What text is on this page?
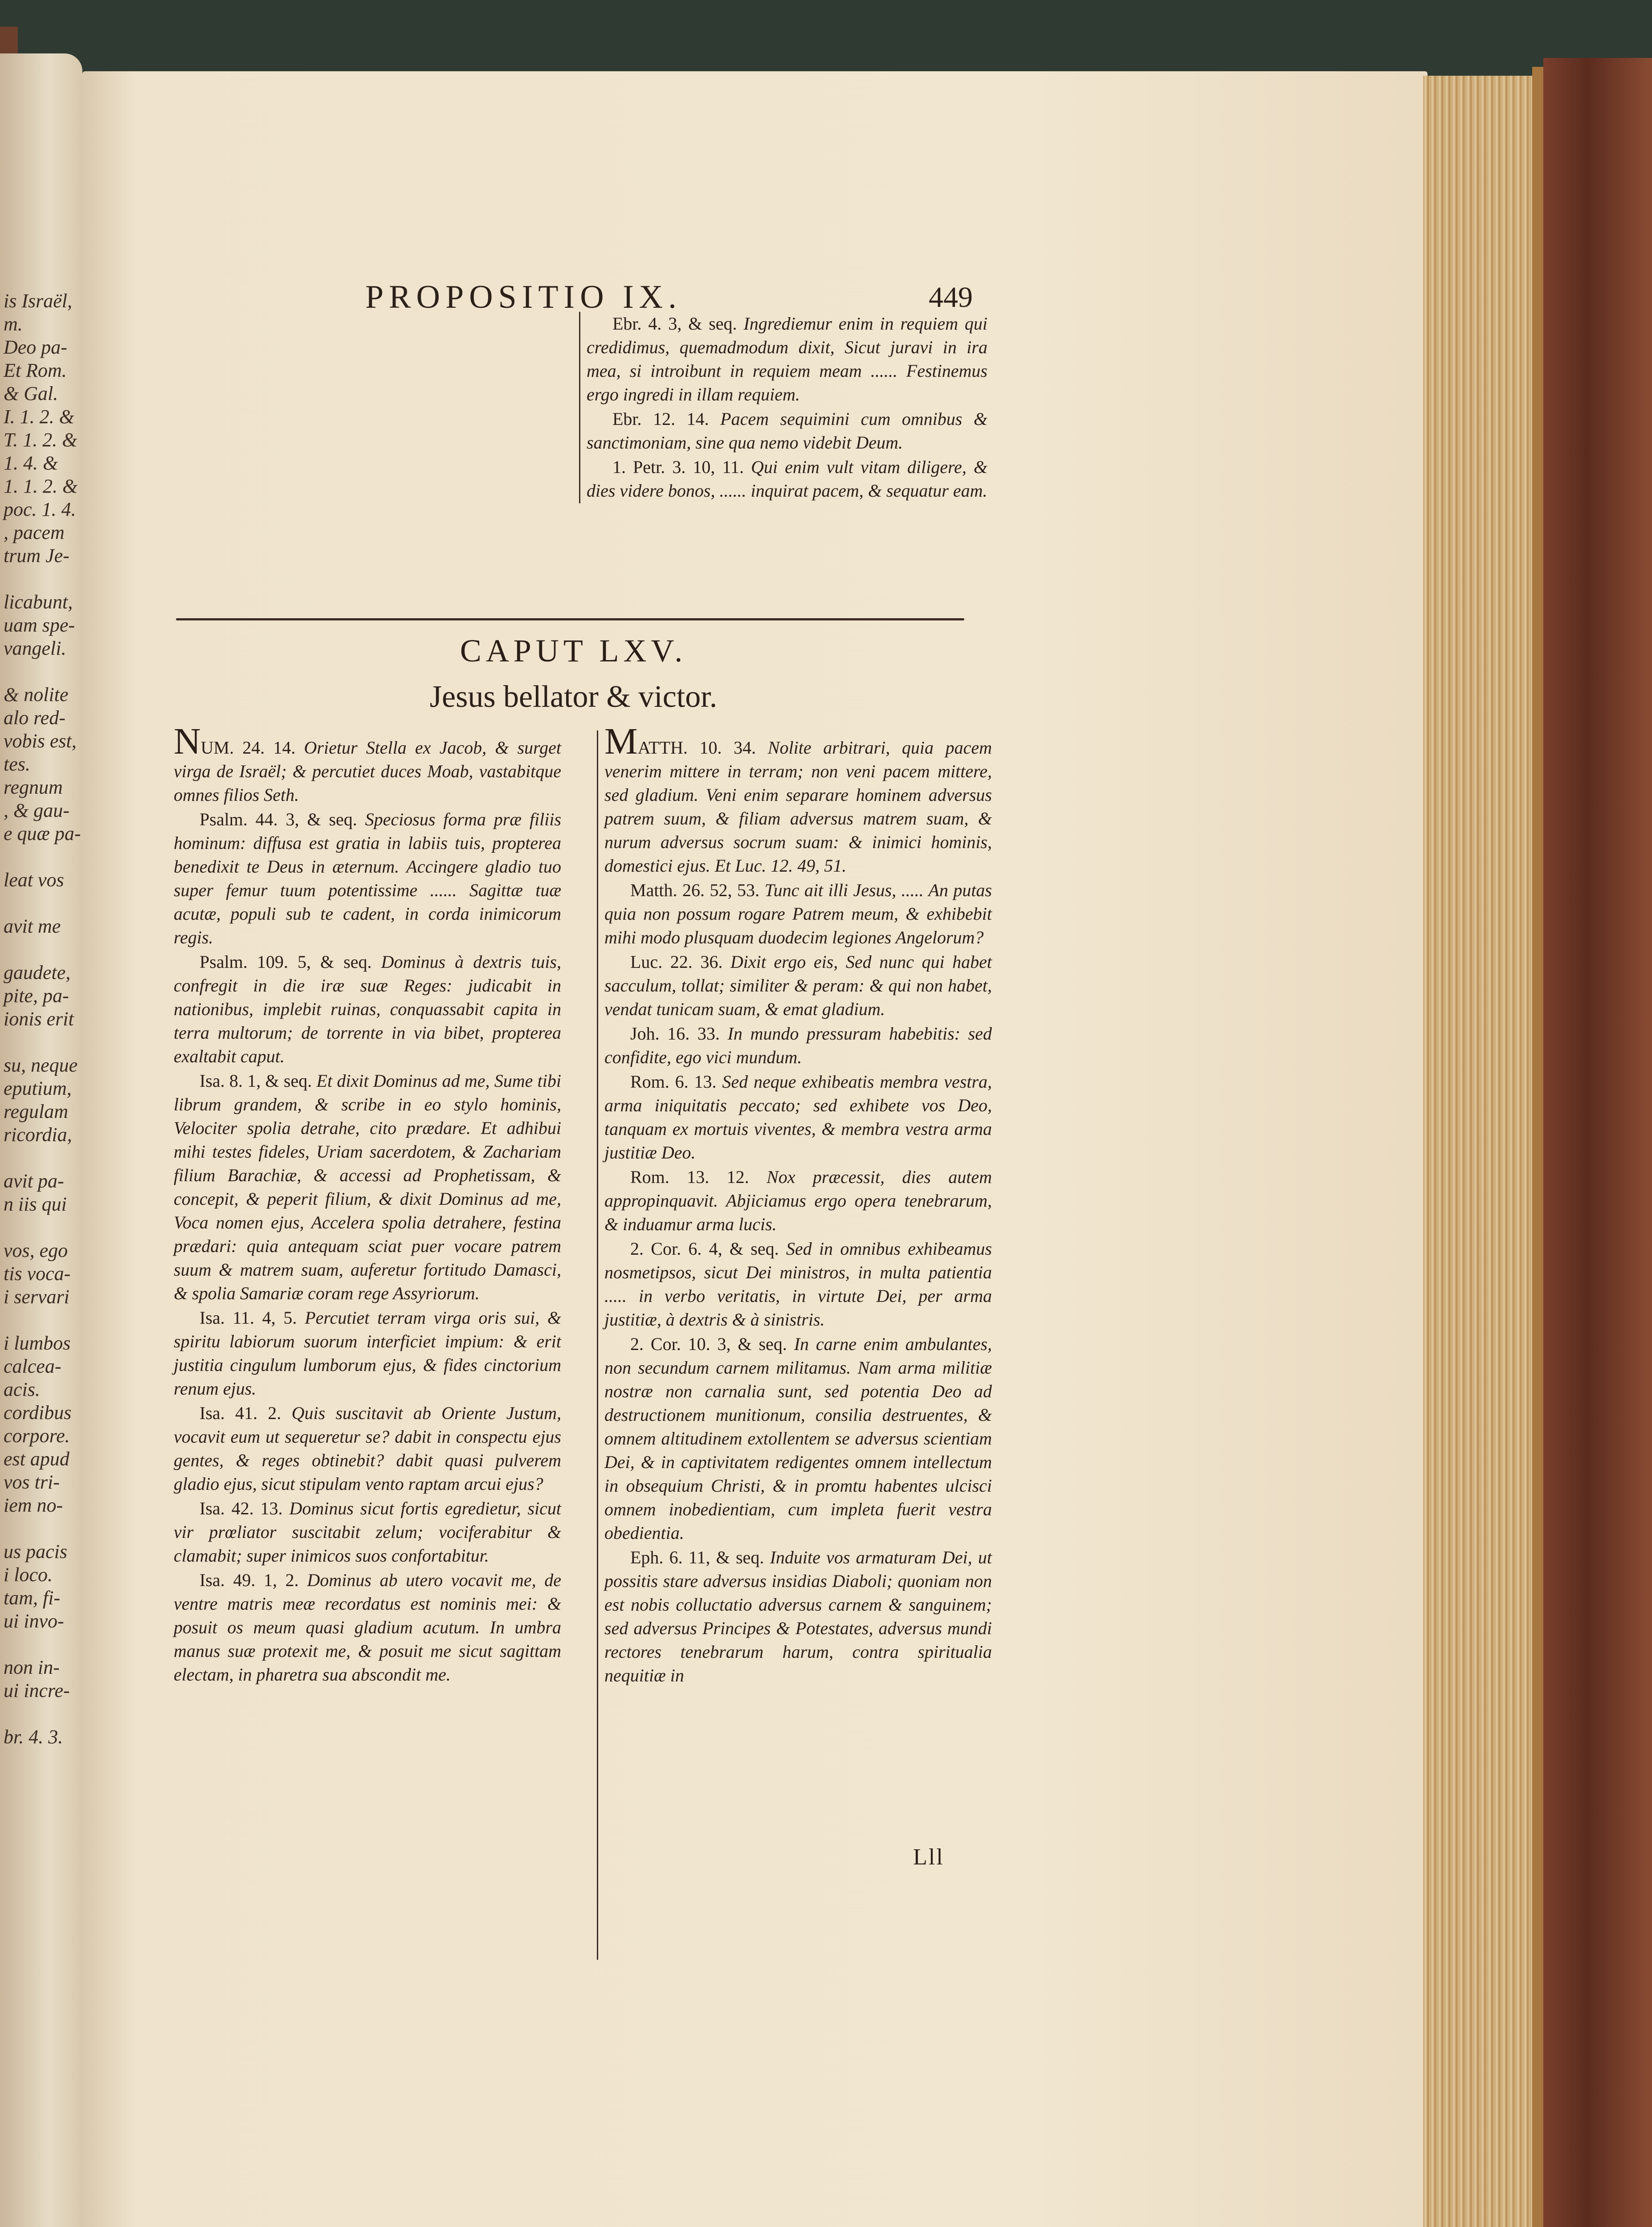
is Israël,
m.
Deo pa-
Et Rom.
& Gal.
I. 1. 2. &
T. 1. 2. &
1. 4. &
1. 1. 2. &
poc. 1. 4.
, pacem
trum Je-

licabunt,
uam spe-
vangeli.

& nolite
alo red-
vobis est,
tes.
regnum
, & gau-
e quæ pa-

leat vos

avit me

gaudete,
pite, pa-
ionis erit

su, neque
eputium,
regulam
ricordia,

avit pa-
n iis qui

vos, ego
tis voca-
i servari

i lumbos
calcea-
acis.
cordibus
corpore.
est apud
vos tri-
iem no-

us pacis
i loco.
tam, fi-
ui invo-

non in-
ui incre-

br. 4. 3.
PROPOSITIO IX.	449

Ebr. 4. 3, & seq. Ingrediemur enim in requiem qui credidimus, quemadmodum dixit, Sicut juravi in ira mea, si introibunt in requiem meam ...... Festinemus ergo ingredi in illam requiem.

Ebr. 12. 14. Pacem sequimini cum omnibus & sanctimoniam, sine qua nemo videbit Deum.

1. Petr. 3. 10, 11. Qui enim vult vitam diligere, & dies videre bonos, ...... inquirat pacem, & sequatur eam.

CAPUT LXV.
Jesus bellator & victor.

NUM. 24. 14. Orietur Stella ex Jacob, & surget virga de Israël; & percutiet duces Moab, vastabitque omnes filios Seth.

Psalm. 44. 3, & seq. Speciosus forma præ filiis hominum: diffusa est gratia in labiis tuis, propterea benedixit te Deus in æternum. Accingere gladio tuo super femur tuum potentissime ...... Sagittæ tuæ acutæ, populi sub te cadent, in corda inimicorum regis.

Psalm. 109. 5, & seq. Dominus à dextris tuis, confregit in die iræ suæ Reges: judicabit in nationibus, implebit ruinas, conquassabit capita in terra multorum; de torrente in via bibet, propterea exaltabit caput.

Isa. 8. 1, & seq. Et dixit Dominus ad me, Sume tibi librum grandem, & scribe in eo stylo hominis, Velociter spolia detrahe, cito prædare. Et adhibui mihi testes fideles, Uriam sacerdotem, & Zachariam filium Barachiæ, & accessi ad Prophetissam, & concepit, & peperit filium, & dixit Dominus ad me, Voca nomen ejus, Accelera spolia detrahere, festina prædari: quia antequam sciat puer vocare patrem suum & matrem suam, auferetur fortitudo Damasci, & spolia Samariæ coram rege Assyriorum.

Isa. 11. 4, 5. Percutiet terram virga oris sui, & spiritu labiorum suorum interficiet impium: & erit justitia cingulum lumborum ejus, & fides cinctorium renum ejus.

Isa. 41. 2. Quis suscitavit ab Oriente Justum, vocavit eum ut sequeretur se? dabit in conspectu ejus gentes, & reges obtinebit? dabit quasi pulverem gladio ejus, sicut stipulam vento raptam arcui ejus?

Isa. 42. 13. Dominus sicut fortis egredietur, sicut vir prœliator suscitabit zelum; vociferabitur & clamabit; super inimicos suos confortabitur.

Isa. 49. 1, 2. Dominus ab utero vocavit me, de ventre matris meæ recordatus est nominis mei: & posuit os meum quasi gladium acutum. In umbra manus suæ protexit me, & posuit me sicut sagittam electam, in pharetra sua abscondit me.

MATTH. 10. 34. Nolite arbitrari, quia pacem venerim mittere in terram; non veni pacem mittere, sed gladium. Veni enim separare hominem adversus patrem suum, & filiam adversus matrem suam, & nurum adversus socrum suam: & inimici hominis, domestici ejus. Et Luc. 12. 49, 51.

Matth. 26. 52, 53. Tunc ait illi Jesus, ..... An putas quia non possum rogare Patrem meum, & exhibebit mihi modo plusquam duodecim legiones Angelorum?

Luc. 22. 36. Dixit ergo eis, Sed nunc qui habet sacculum, tollat; similiter & peram: & qui non habet, vendat tunicam suam, & emat gladium.

Joh. 16. 33. In mundo pressuram habebitis: sed confidite, ego vici mundum.

Rom. 6. 13. Sed neque exhibeatis membra vestra, arma iniquitatis peccato; sed exhibete vos Deo, tanquam ex mortuis viventes, & membra vestra arma justitiæ Deo.

Rom. 13. 12. Nox præcessit, dies autem appropinquavit. Abjiciamus ergo opera tenebrarum, & induamur arma lucis.

2. Cor. 6. 4, & seq. Sed in omnibus exhibeamus nosmetipsos, sicut Dei ministros, in multa patientia ..... in verbo veritatis, in virtute Dei, per arma justitiæ, à dextris & à sinistris.

2. Cor. 10. 3, & seq. In carne enim ambulantes, non secundum carnem militamus. Nam arma militiæ nostræ non carnalia sunt, sed potentia Deo ad destructionem munitionum, consilia destruentes, & omnem altitudinem extollentem se adversus scientiam Dei, & in captivitatem redigentes omnem intellectum in obsequium Christi, & in promtu habentes ulcisci omnem inobedientiam, cum impleta fuerit vestra obedientia.

Eph. 6. 11, & seq. Induite vos armaturam Dei, ut possitis stare adversus insidias Diaboli; quoniam non est nobis colluctatio adversus carnem & sanguinem; sed adversus Principes & Potestates, adversus mundi rectores tenebrarum harum, contra spiritualia nequitiæ in

Lll
